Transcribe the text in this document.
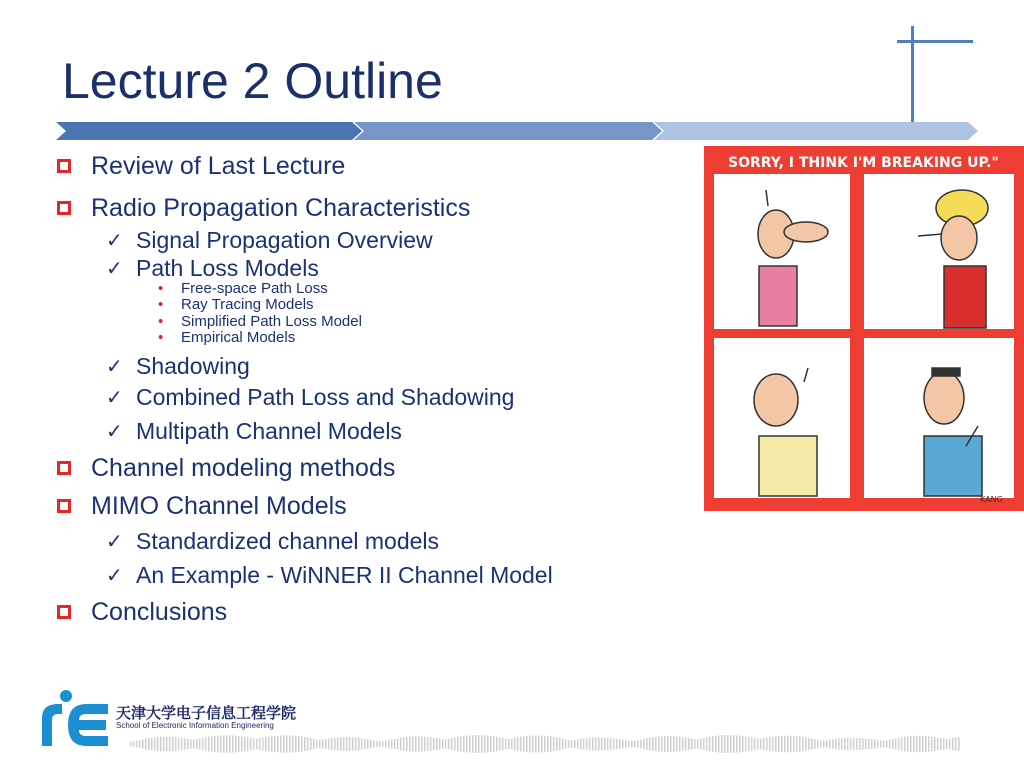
Lecture 2 Outline
Review of Last Lecture
Radio Propagation Characteristics
✓ Signal Propagation Overview
✓ Path Loss Models
•	Free-space Path Loss
•	Ray Tracing Models
•	Simplified Path Loss Model
•	Empirical Models
✓ Shadowing
✓ Combined Path Loss and Shadowing
✓ Multipath Channel Models
Channel modeling methods
MIMO Channel Models
✓ Standardized channel models
✓ An Example - WiNNER II Channel Model
Conclusions
SORRY, I THINK I'M BREAKING UP."
KANG
天津大学电子信息工程学院
School of Electronic Information Engineering
